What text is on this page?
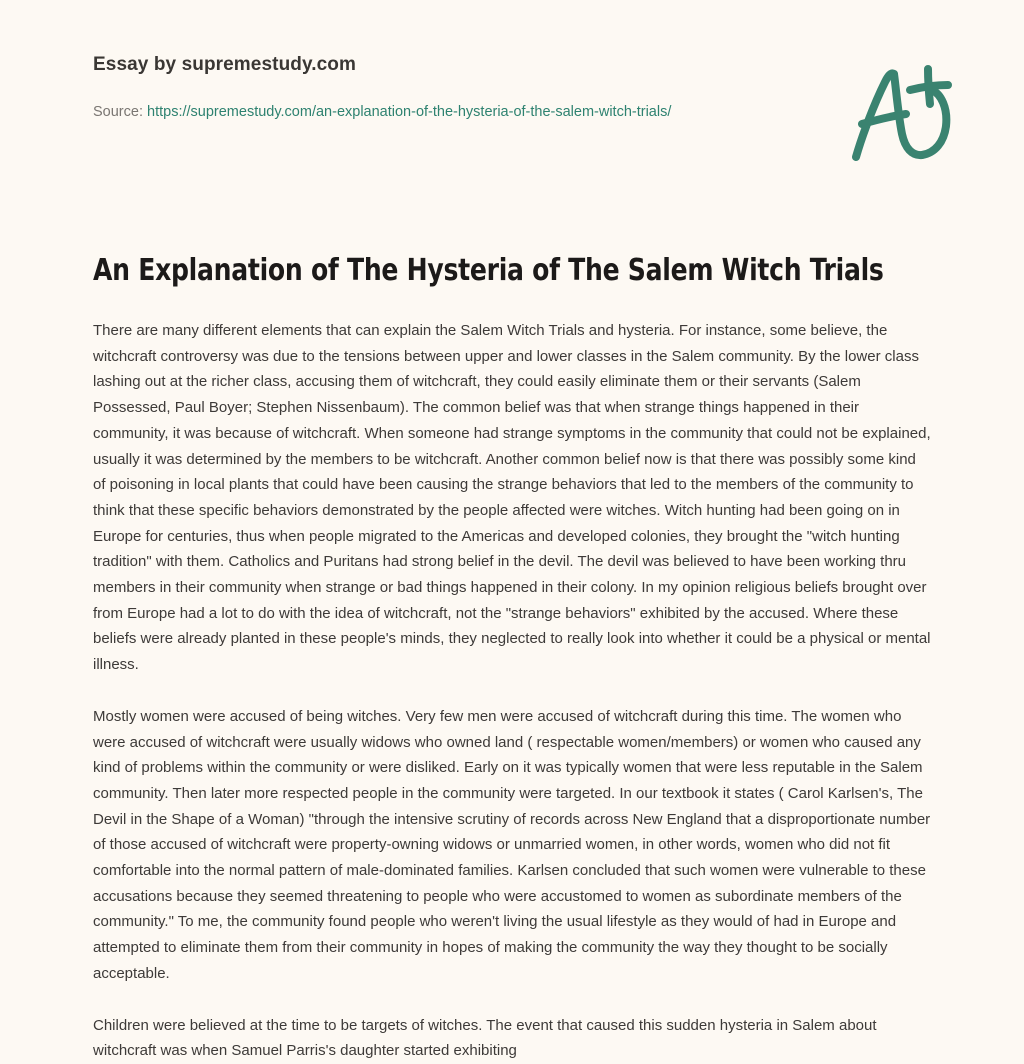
Essay by supremestudy.com
Source: https://supremestudy.com/an-explanation-of-the-hysteria-of-the-salem-witch-trials/
An Explanation of The Hysteria of The Salem Witch Trials

There are many different elements that can explain the Salem Witch Trials and hysteria. For instance, some believe, the witchcraft controversy was due to the tensions between upper and lower classes in the Salem community. By the lower class lashing out at the richer class, accusing them of witchcraft, they could easily eliminate them or their servants (Salem Possessed, Paul Boyer; Stephen Nissenbaum). The common belief was that when strange things happened in their community, it was because of witchcraft. When someone had strange symptoms in the community that could not be explained, usually it was determined by the members to be witchcraft. Another common belief now is that there was possibly some kind of poisoning in local plants that could have been causing the strange behaviors that led to the members of the community to think that these specific behaviors demonstrated by the people affected were witches. Witch hunting had been going on in Europe for centuries, thus when people migrated to the Americas and developed colonies, they brought the "witch hunting tradition" with them. Catholics and Puritans had strong belief in the devil. The devil was believed to have been working thru members in their community when strange or bad things happened in their colony. In my opinion religious beliefs brought over from Europe had a lot to do with the idea of witchcraft, not the "strange behaviors" exhibited by the accused. Where these beliefs were already planted in these people's minds, they neglected to really look into whether it could be a physical or mental illness.

Mostly women were accused of being witches. Very few men were accused of witchcraft during this time. The women who were accused of witchcraft were usually widows who owned land ( respectable women/members) or women who caused any kind of problems within the community or were disliked. Early on it was typically women that were less reputable in the Salem community. Then later more respected people in the community were targeted. In our textbook it states ( Carol Karlsen's, The Devil in the Shape of a Woman) "through the intensive scrutiny of records across New England that a disproportionate number of those accused of witchcraft were property-owning widows or unmarried women, in other words, women who did not fit comfortable into the normal pattern of male-dominated families. Karlsen concluded that such women were vulnerable to these accusations because they seemed threatening to people who were accustomed to women as subordinate members of the community." To me, the community found people who weren't living the usual lifestyle as they would of had in Europe and attempted to eliminate them from their community in hopes of making the community the way they thought to be socially acceptable.

Children were believed at the time to be targets of witches. The event that caused this sudden hysteria in Salem about witchcraft was when Samuel Parris's daughter started exhibiting
